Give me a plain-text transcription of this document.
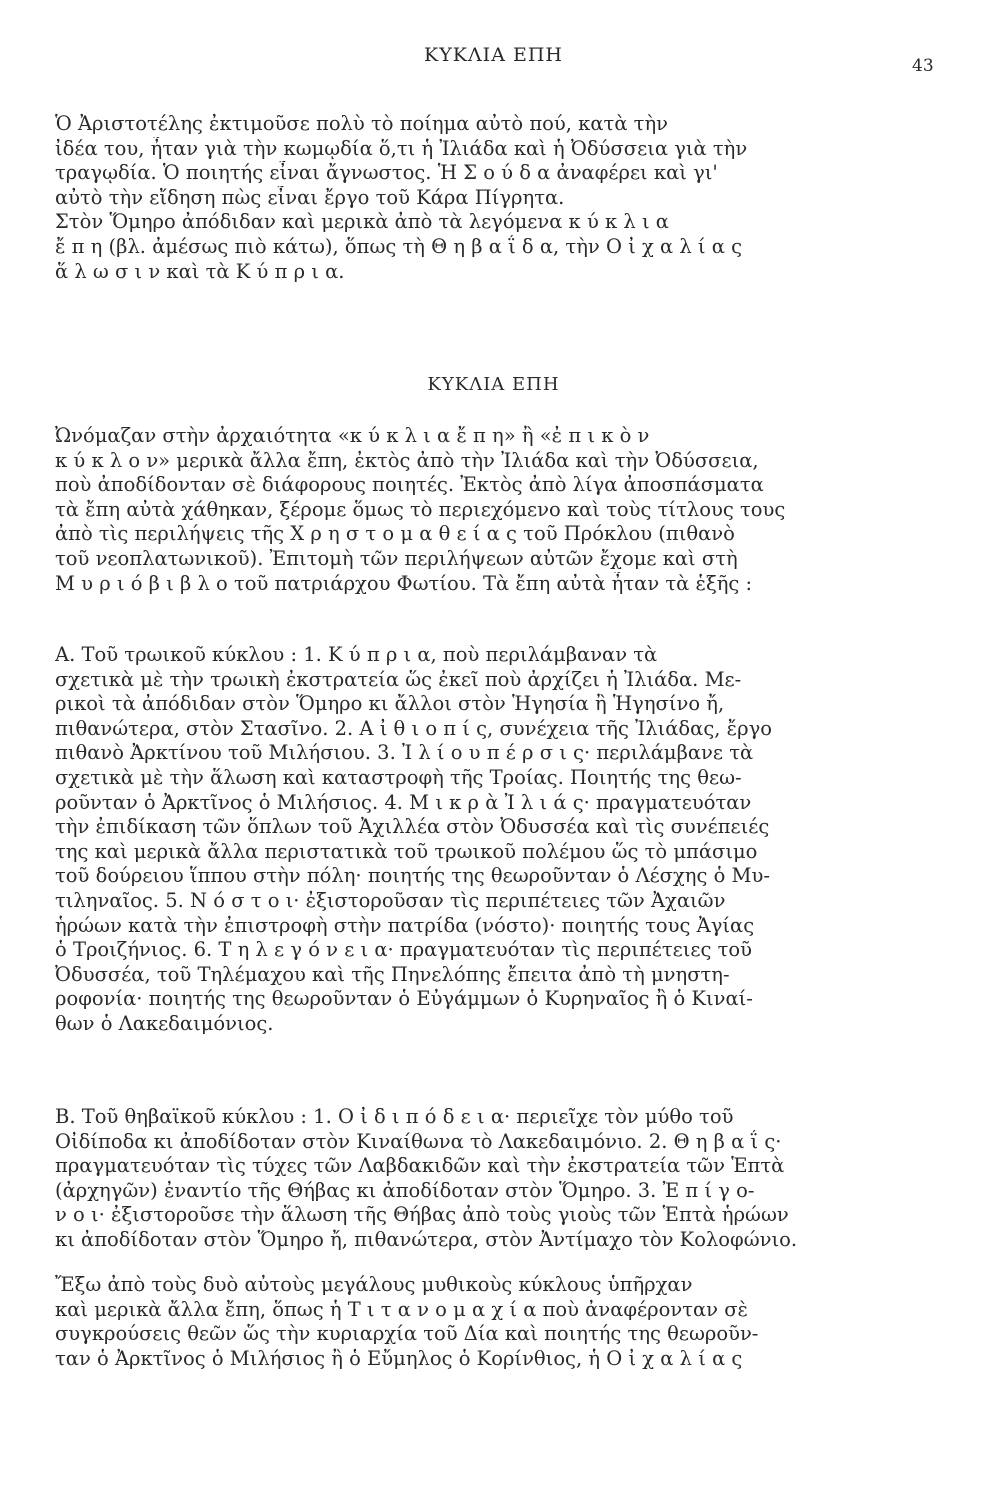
ΚΥΚΛΙΑ ΕΠΗ	43
Ὁ Ἀριστοτέλης ἐκτιμοῦσε πολὺ τὸ ποίημα αὐτὸ πού, κατὰ τὴν
ἰδέα του, ἦταν γιὰ τὴν κωμῳδία ὅ,τι ἡ Ἰλιάδα καὶ ἡ Ὀδύσσεια γιὰ τὴν
τραγῳδία. Ὁ ποιητής εἶναι ἄγνωστος. Ἡ Σ ο ύ δ α ἀναφέρει καὶ γι'
αὐτὸ τὴν εἴδηση πὼς εἶναι ἔργο τοῦ Κάρα Πίγρητα.
Στὸν Ὅμηρο ἀπόδιδαν καὶ μερικὰ ἀπὸ τὰ λεγόμενα κ ύ κ λ ι α
ἔ π η (βλ. ἀμέσως πιὸ κάτω), ὅπως τὴ Θ η β α ΐ δ α, τὴν Ο ἰ χ α λ ί α ς
ἅ λ ω σ ι ν καὶ τὰ Κ ύ π ρ ι α.
ΚΥΚΛΙΑ ΕΠΗ
Ὠνόμαζαν στὴν ἀρχαιότητα «κ ύ κ λ ι α ἔ π η» ἢ «ἐ π ι κ ὸ ν
κ ύ κ λ ο ν» μερικὰ ἄλλα ἔπη, ἐκτὸς ἀπὸ τὴν Ἰλιάδα καὶ τὴν Ὀδύσσεια,
ποὺ ἀποδίδονταν σὲ διάφορους ποιητές. Ἐκτὸς ἀπὸ λίγα ἀποσπάσματα
τὰ ἔπη αὐτὰ χάθηκαν, ξέρομε ὅμως τὸ περιεχόμενο καὶ τοὺς τίτλους τους
ἀπὸ τὶς περιλήψεις τῆς Χ ρ η σ τ ο μ α θ ε ί α ς τοῦ Πρόκλου (πιθανὸ
τοῦ νεοπλατωνικοῦ). Ἐπιτομὴ τῶν περιλήψεων αὐτῶν ἔχομε καὶ στὴ
Μ υ ρ ι ό β ι β λ ο τοῦ πατριάρχου Φωτίου. Τὰ ἔπη αὐτὰ ἦταν τὰ ἑξῆς :
Α. Τοῦ τρωικοῦ κύκλου : 1. Κ ύ π ρ ι α, ποὺ περιλάμβαναν τὰ
σχετικὰ μὲ τὴν τρωικὴ ἐκστρατεία ὥς ἐκεῖ ποὺ ἀρχίζει ἡ Ἰλιάδα. Με-
ρικοὶ τὰ ἀπόδιδαν στὸν Ὅμηρο κι ἄλλοι στὸν Ἡγησία ἢ Ἡγησίνο ἤ,
πιθανώτερα, στὸν Στασῖνο. 2. Α ἰ θ ι ο π ί ς, συνέχεια τῆς Ἰλιάδας, ἔργο
πιθανὸ Ἀρκτίνου τοῦ Μιλήσιου. 3. Ἰ λ ί ο υ π έ ρ σ ι ς· περιλάμβανε τὰ
σχετικὰ μὲ τὴν ἅλωση καὶ καταστροφὴ τῆς Τροίας. Ποιητής της θεω-
ροῦνταν ὁ Ἀρκτῖνος ὁ Μιλήσιος. 4. Μ ι κ ρ ὰ Ἰ λ ι ά ς· πραγματευόταν
τὴν ἐπιδίκαση τῶν ὅπλων τοῦ Ἀχιλλέα στὸν Ὀδυσσέα καὶ τὶς συνέπειές
της καὶ μερικὰ ἄλλα περιστατικὰ τοῦ τρωικοῦ πολέμου ὥς τὸ μπάσιμο
τοῦ δούρειου ἵππου στὴν πόλη· ποιητής της θεωροῦνταν ὁ Λέσχης ὁ Μυ-
τιληναῖος. 5. Ν ό σ τ ο ι· ἐξιστοροῦσαν τὶς περιπέτειες τῶν Ἀχαιῶν
ἡρώων κατὰ τὴν ἐπιστροφὴ στὴν πατρίδα (νόστο)· ποιητής τους Ἀγίας
ὁ Τροιζήνιος. 6. Τ η λ ε γ ό ν ε ι α· πραγματευόταν τὶς περιπέτειες τοῦ
Ὀδυσσέα, τοῦ Τηλέμαχου καὶ τῆς Πηνελόπης ἔπειτα ἀπὸ τὴ μνηστη-
ροφονία· ποιητής της θεωροῦνταν ὁ Εὐγάμμων ὁ Κυρηναῖος ἢ ὁ Κιναί-
θων ὁ Λακεδαιμόνιος.
Β. Τοῦ θηβαϊκοῦ κύκλου : 1. Ο ἰ δ ι π ό δ ε ι α· περιεῖχε τὸν μύθο τοῦ
Οἰδίποδα κι ἀποδίδοταν στὸν Κιναίθωνα τὸ Λακεδαιμόνιο. 2. Θ η β α ΐ ς·
πραγματευόταν τὶς τύχες τῶν Λαβδακιδῶν καὶ τὴν ἐκστρατεία τῶν Ἑπτὰ
(ἀρχηγῶν) ἐναντίο τῆς Θήβας κι ἀποδίδοταν στὸν Ὅμηρο. 3. Ἐ π ί γ ο-
ν ο ι· ἐξιστοροῦσε τὴν ἅλωση τῆς Θήβας ἀπὸ τοὺς γιοὺς τῶν Ἑπτὰ ἡρώων
κι ἀποδίδοταν στὸν Ὅμηρο ἤ, πιθανώτερα, στὸν Ἀντίμαχο τὸν Κολοφώνιο.
Ἔξω ἀπὸ τοὺς δυὸ αὐτοὺς μεγάλους μυθικοὺς κύκλους ὑπῆρχαν
καὶ μερικὰ ἄλλα ἔπη, ὅπως ἡ Τ ι τ α ν ο μ α χ ί α ποὺ ἀναφέρονταν σὲ
συγκρούσεις θεῶν ὥς τὴν κυριαρχία τοῦ Δία καὶ ποιητής της θεωροῦν-
ταν ὁ Ἀρκτῖνος ὁ Μιλήσιος ἢ ὁ Εὔμηλος ὁ Κορίνθιος, ἡ Ο ἰ χ α λ ί α ς
